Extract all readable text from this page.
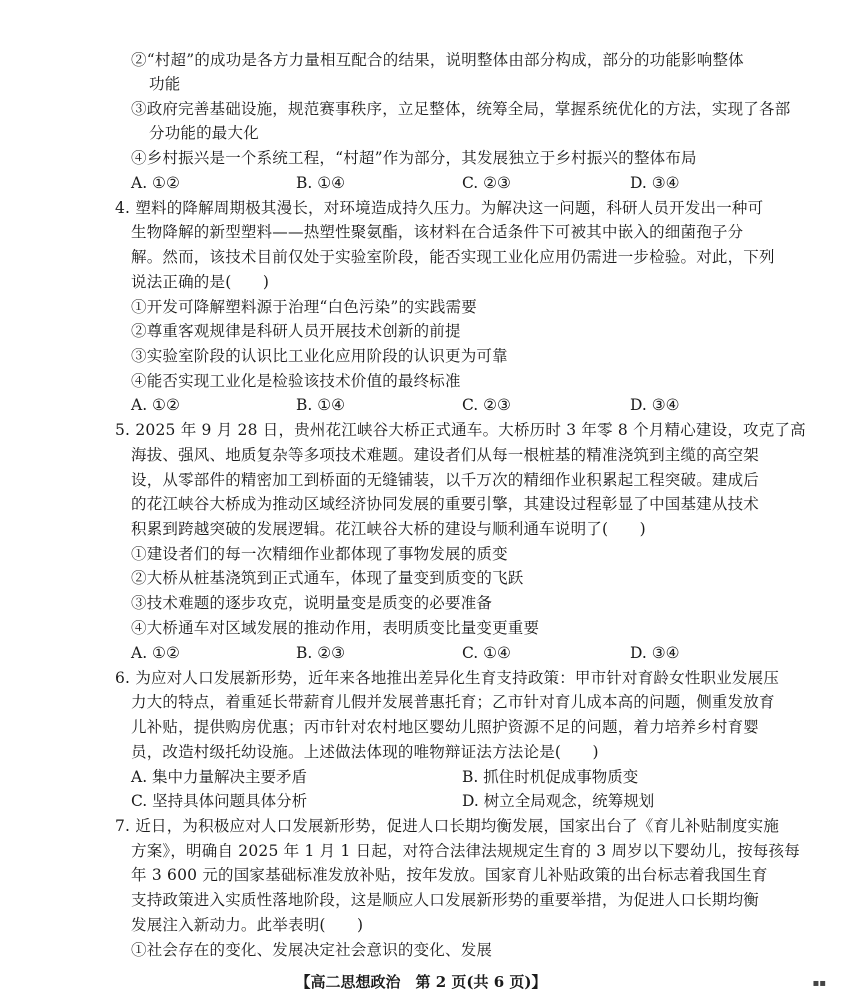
②“村超”的成功是各方力量相互配合的结果，说明整体由部分构成，部分的功能影响整体
功能
③政府完善基础设施，规范赛事秩序，立足整体，统筹全局，掌握系统优化的方法，实现了各部
分功能的最大化
④乡村振兴是一个系统工程，“村超”作为部分，其发展独立于乡村振兴的整体布局
A. ①②	B. ①④	C. ②③	D. ③④
4. 塑料的降解周期极其漫长，对环境造成持久压力。为解决这一问题，科研人员开发出一种可
生物降解的新型塑料——热塑性聚氨酯，该材料在合适条件下可被其中嵌入的细菌孢子分
解。然而，该技术目前仅处于实验室阶段，能否实现工业化应用仍需进一步检验。对此，下列
说法正确的是(　　)
①开发可降解塑料源于治理“白色污染”的实践需要
②尊重客观规律是科研人员开展技术创新的前提
③实验室阶段的认识比工业化应用阶段的认识更为可靠
④能否实现工业化是检验该技术价值的最终标准
A. ①②	B. ①④	C. ②③	D. ③④
5. 2025 年 9 月 28 日，贵州花江峡谷大桥正式通车。大桥历时 3 年零 8 个月精心建设，攻克了高
海拔、强风、地质复杂等多项技术难题。建设者们从每一根桩基的精准浇筑到主缆的高空架
设，从零部件的精密加工到桥面的无缝铺装，以千万次的精细作业积累起工程突破。建成后
的花江峡谷大桥成为推动区域经济协同发展的重要引擎，其建设过程彰显了中国基建从技术
积累到跨越突破的发展逻辑。花江峡谷大桥的建设与顺利通车说明了(　　)
①建设者们的每一次精细作业都体现了事物发展的质变
②大桥从桩基浇筑到正式通车，体现了量变到质变的飞跃
③技术难题的逐步攻克，说明量变是质变的必要准备
④大桥通车对区域发展的推动作用，表明质变比量变更重要
A. ①②	B. ②③	C. ①④	D. ③④
6. 为应对人口发展新形势，近年来各地推出差异化生育支持政策：甲市针对育龄女性职业发展压
力大的特点，着重延长带薪育儿假并发展普惠托育；乙市针对育儿成本高的问题，侧重发放育
儿补贴，提供购房优惠；丙市针对农村地区婴幼儿照护资源不足的问题，着力培养乡村育婴
员，改造村级托幼设施。上述做法体现的唯物辩证法方法论是(　　)
A. 集中力量解决主要矛盾	B. 抓住时机促成事物质变
C. 坚持具体问题具体分析	D. 树立全局观念，统筹规划
7. 近日，为积极应对人口发展新形势，促进人口长期均衡发展，国家出台了《育儿补贴制度实施
方案》，明确自 2025 年 1 月 1 日起，对符合法律法规规定生育的 3 周岁以下婴幼儿，按每孩每
年 3 600 元的国家基础标准发放补贴，按年发放。国家育儿补贴政策的出台标志着我国生育
支持政策进入实质性落地阶段，这是顺应人口发展新形势的重要举措，为促进人口长期均衡
发展注入新动力。此举表明(　　)
①社会存在的变化、发展决定社会意识的变化、发展
【高二思想政治　第 2 页(共 6 页)】	▪▪
